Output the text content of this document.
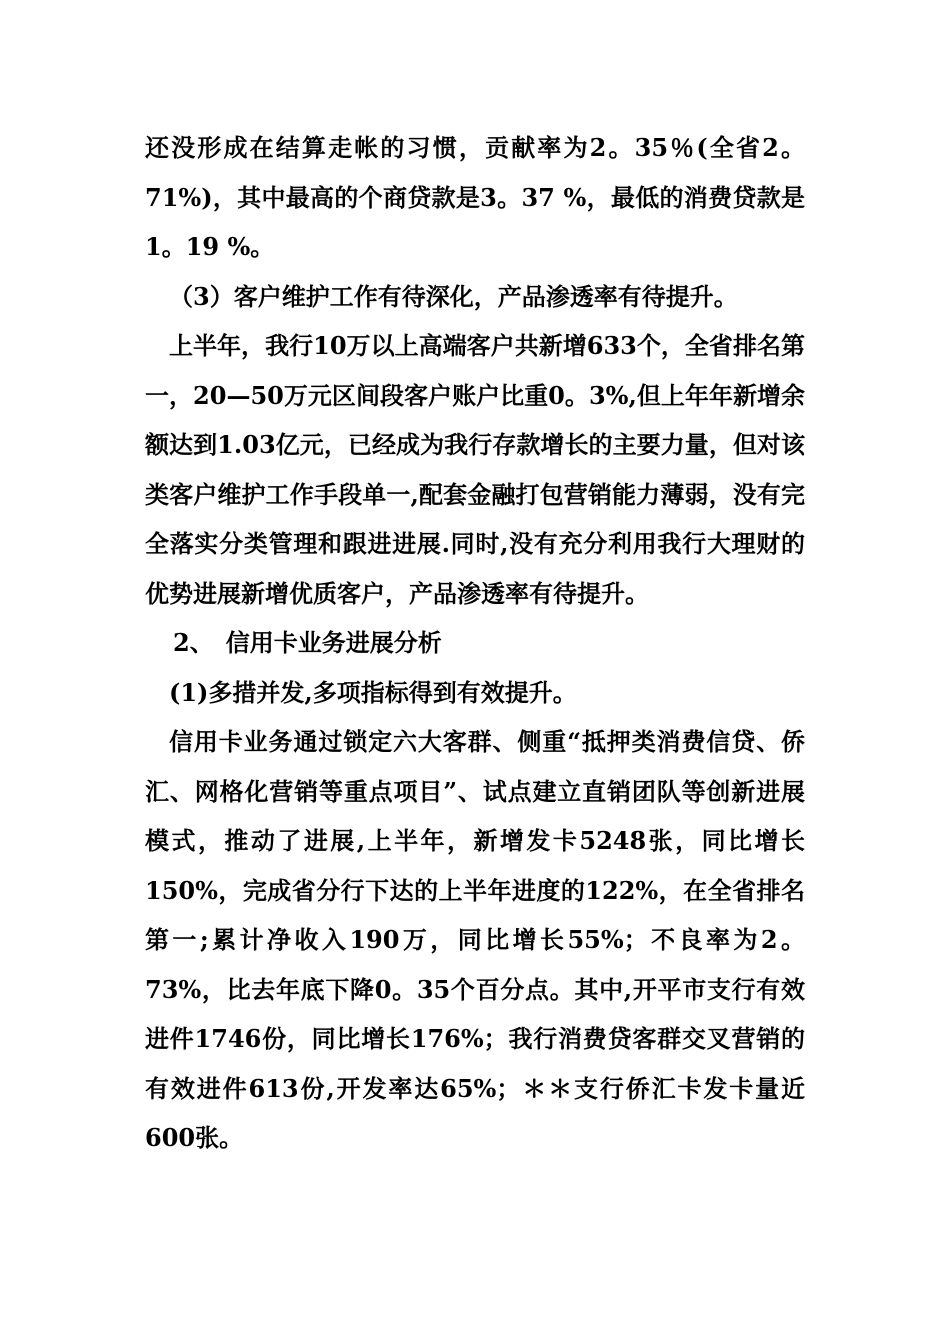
还没形成在结算走帐的习惯，贡献率为2。35％(全省2。71%)，其中最高的个商贷款是3。37 %，最低的消费贷款是1。19 %。

（3）客户维护工作有待深化，产品渗透率有待提升。

上半年，我行10万以上高端客户共新增633个，全省排名第一，20—50万元区间段客户账户比重0。3%,但上年年新增余额达到1.03亿元，已经成为我行存款增长的主要力量，但对该类客户维护工作手段单一,配套金融打包营销能力薄弱，没有完全落实分类管理和跟进进展.同时,没有充分利用我行大理财的优势进展新增优质客户，产品渗透率有待提升。

2、　信用卡业务进展分析

(1)多措并发,多项指标得到有效提升。

信用卡业务通过锁定六大客群、侧重“抵押类消费信贷、侨汇、网格化营销等重点项目”、试点建立直销团队等创新进展模式，推动了进展,上半年，新增发卡5248张，同比增长150%，完成省分行下达的上半年进度的122%，在全省排名第一;累计净收入190万，同比增长55%；不良率为2。73%，比去年底下降0。35个百分点。其中,开平市支行有效进件1746份，同比增长176%；我行消费贷客群交叉营销的有效进件613份,开发率达65%；＊＊支行侨汇卡发卡量近600张。
